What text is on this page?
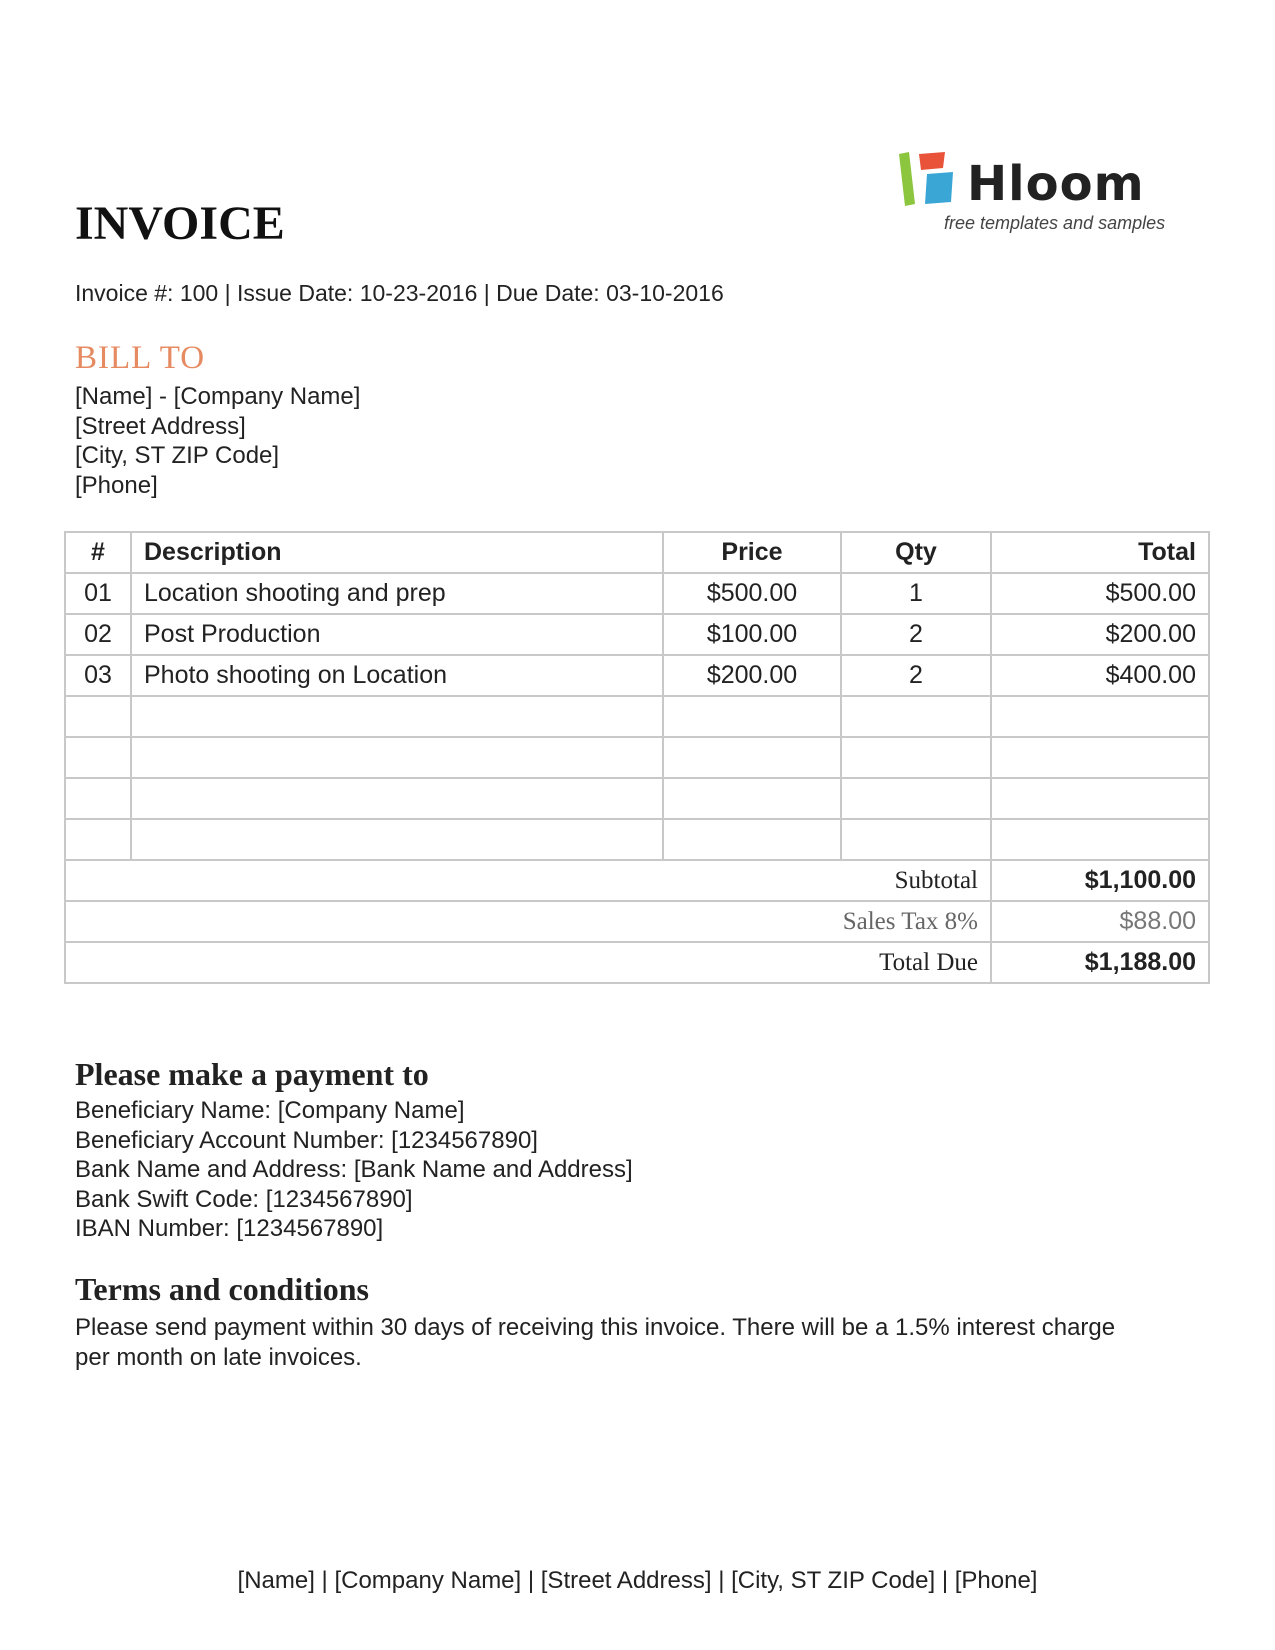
Hloom
free templates and samples
INVOICE
Invoice #: 100 | Issue Date: 10-23-2016 | Due Date: 03-10-2016
BILL TO
[Name] - [Company Name]
[Street Address]
[City, ST ZIP Code]
[Phone]
#	Description	Price	Qty	Total
01	Location shooting and prep	$500.00	1	$500.00
02	Post Production	$100.00	2	$200.00
03	Photo shooting on Location	$200.00	2	$400.00

Subtotal				$1,100.00
Sales Tax 8%				$88.00
Total Due				$1,188.00
Please make a payment to
Beneficiary Name: [Company Name]
Beneficiary Account Number: [1234567890]
Bank Name and Address: [Bank Name and Address]
Bank Swift Code: [1234567890]
IBAN Number: [1234567890]
Terms and conditions
Please send payment within 30 days of receiving this invoice. There will be a 1.5% interest charge per month on late invoices.
[Name] | [Company Name] | [Street Address] | [City, ST ZIP Code] | [Phone]
